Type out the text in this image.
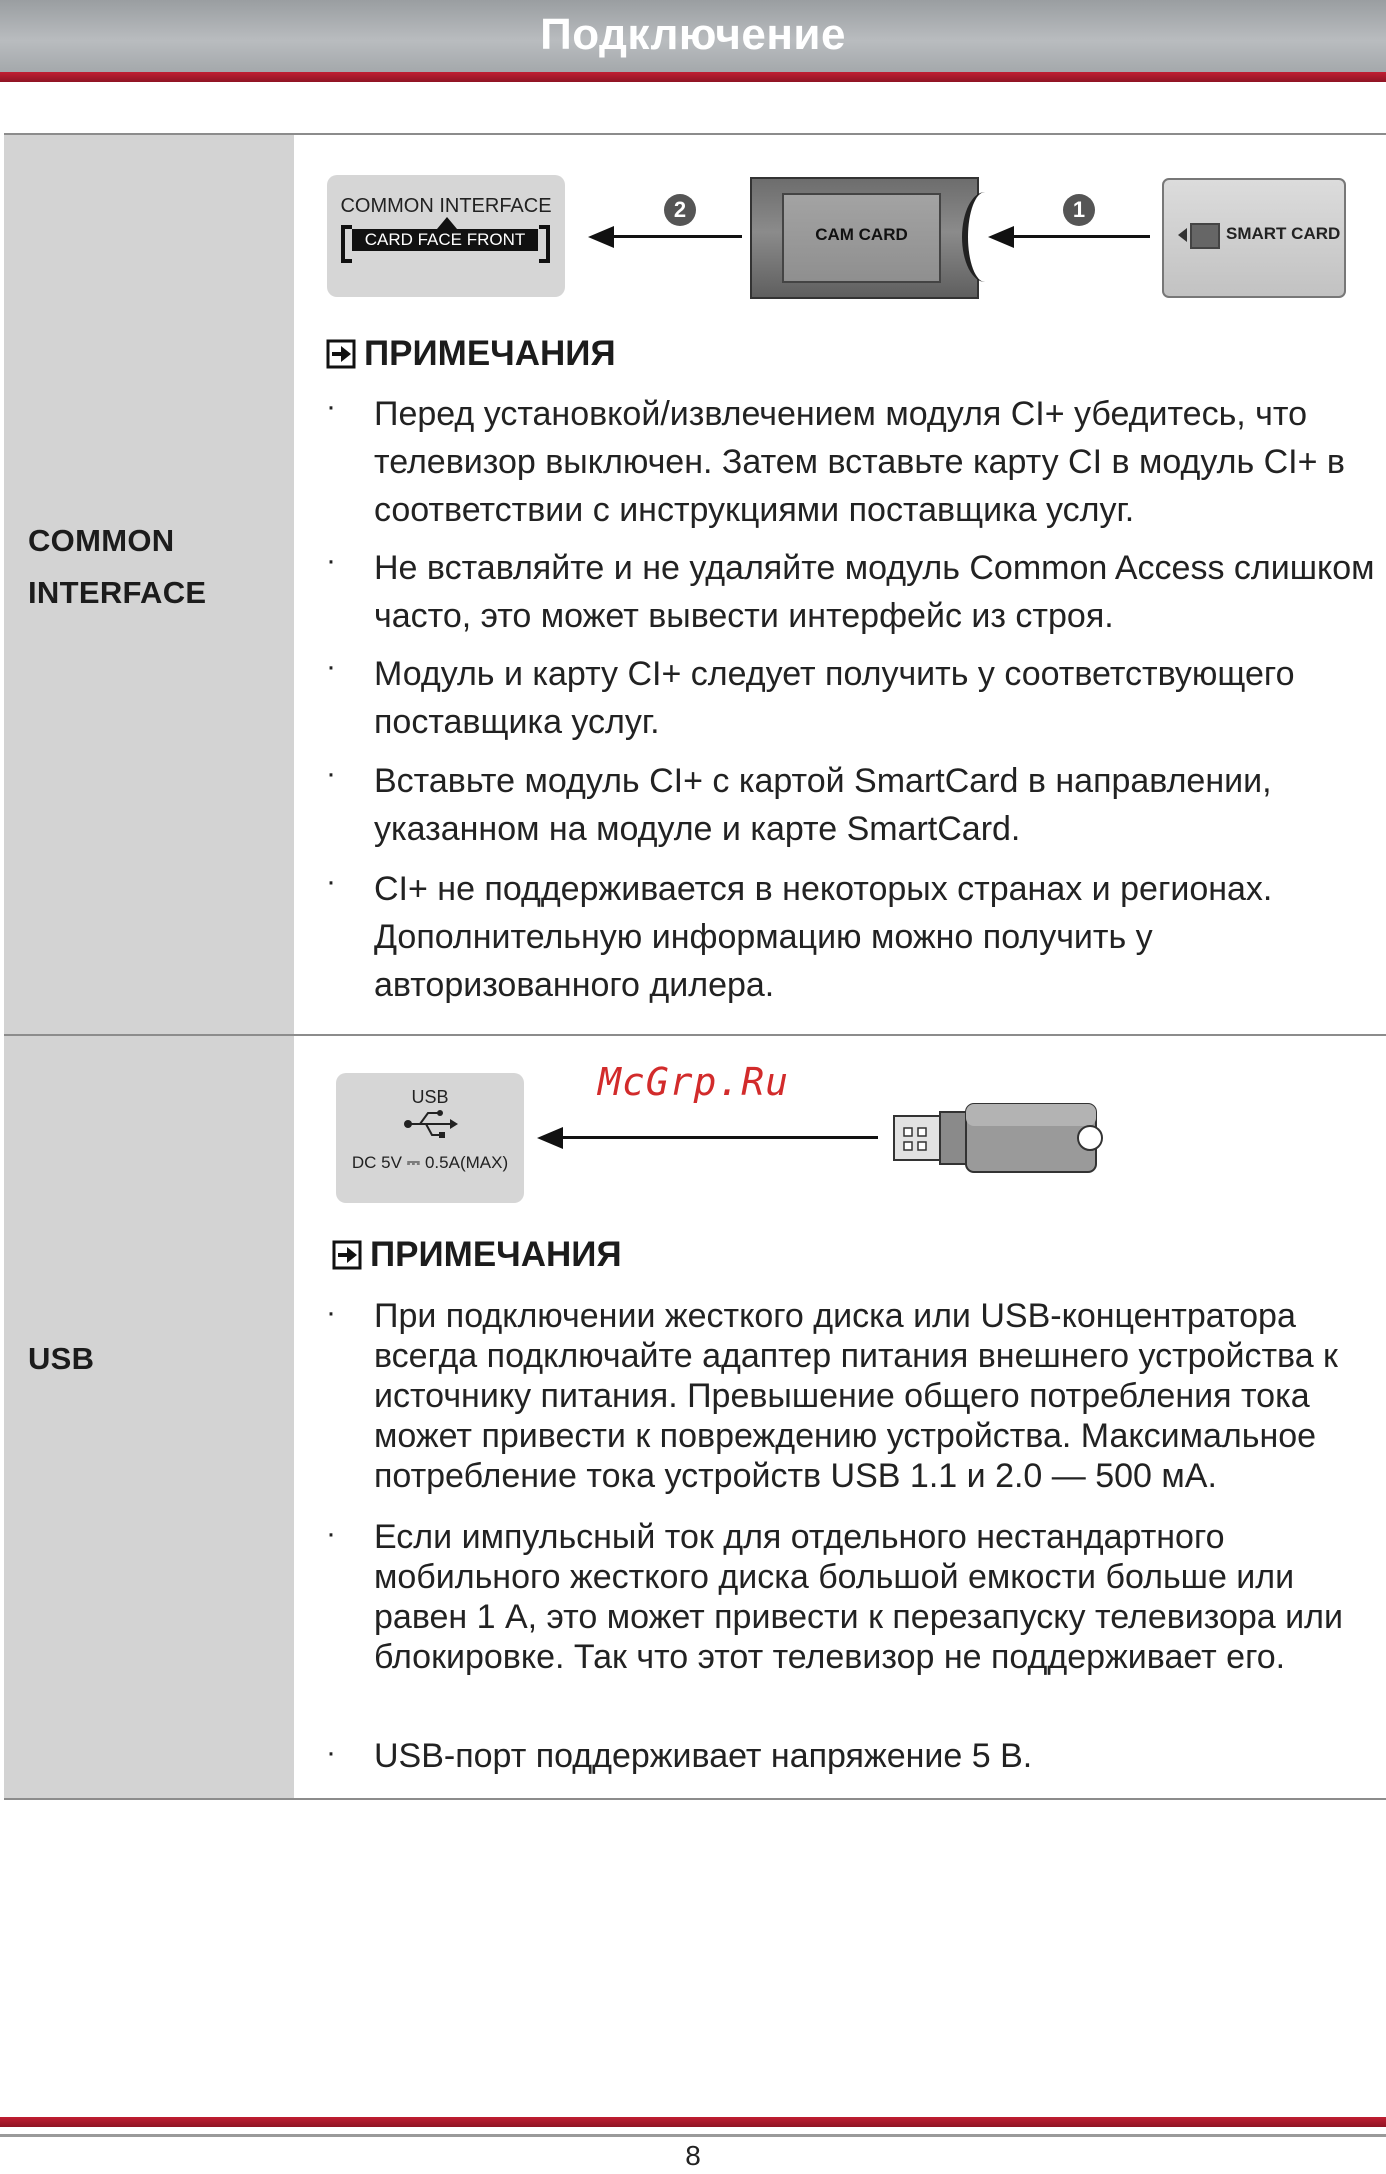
Подключение
COMMON
INTERFACE
USB
COMMON INTERFACE
CARD FACE FRONT
2
CAM CARD
1
SMART CARD
ПРИМЕЧАНИЯ
· Перед установкой/извлечением модуля CI+ убедитесь, что телевизор выключен. Затем вставьте карту CI в модуль CI+ в соответствии с инструкциями поставщика услуг.
· Не вставляйте и не удаляйте модуль Common Access слишком часто, это может вывести интерфейс из строя.
· Модуль и карту CI+ следует получить у соответствующего поставщика услуг.
· Вставьте модуль CI+ с картой SmartCard в направлении, указанном на модуле и карте SmartCard.
· CI+ не поддерживается в некоторых странах и регионах. Дополнительную информацию можно получить у авторизованного дилера.
USB
DC 5V ⎓ 0.5A(MAX)
McGrp.Ru
ПРИМЕЧАНИЯ
· При подключении жесткого диска или USB-концентратора всегда подключайте адаптер питания внешнего устройства к источнику питания. Превышение общего потребления тока может привести к повреждению устройства. Максимальное потребление тока устройств USB 1.1 и 2.0 — 500 мА.
· Если импульсный ток для отдельного нестандартного мобильного жесткого диска большой емкости больше или равен 1 А, это может привести к перезапуску телевизора или блокировке. Так что этот телевизор не поддерживает его.
· USB-порт поддерживает напряжение 5 В.
8
